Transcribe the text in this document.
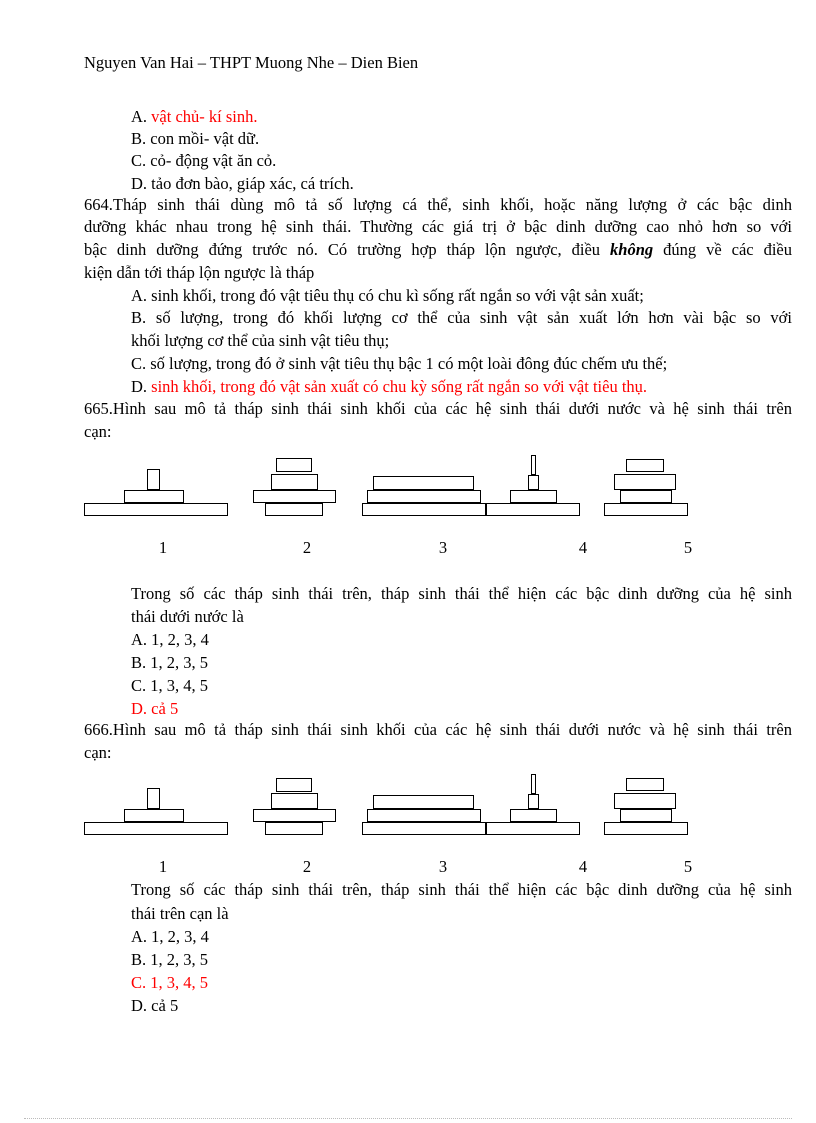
Nguyen Van Hai – THPT Muong Nhe – Dien Bien
A. vật chủ- kí sinh.
B. con mồi- vật dữ.
C. cỏ- động vật ăn cỏ.
D. tảo đơn bào, giáp xác, cá trích.
664.Tháp sinh thái dùng mô tả số lượng cá thể, sinh khối, hoặc năng lượng ở các bậc dinh
dưỡng khác nhau trong hệ sinh thái. Thường các giá trị ở bậc dinh dưỡng cao nhỏ hơn so với
bậc dinh dưỡng đứng trước nó. Có trường hợp tháp lộn ngược, điều không đúng về các điều
kiện dẫn tới tháp lộn ngược là tháp
A. sinh khối, trong đó vật tiêu thụ có chu kì sống rất ngắn so với vật sản xuất;
B. số lượng, trong đó khối lượng cơ thể của sinh vật sản xuất lớn hơn vài bậc so với
khối lượng cơ thể của sinh vật tiêu thụ;
C. số lượng, trong đó ở sinh vật tiêu thụ bậc 1 có một loài đông đúc chếm ưu thế;
D. sinh khối, trong đó vật sản xuất có chu kỳ sống rất ngắn so với vật tiêu thụ.
665.Hình sau mô tả tháp sinh thái sinh khối của các hệ sinh thái dưới nước và hệ sinh thái trên
cạn:
1	2	3	4	5
Trong số các tháp sinh thái trên, tháp sinh thái thể hiện các bậc dinh dưỡng của hệ sinh
thái dưới nước là
A. 1, 2, 3, 4
B. 1, 2, 3, 5
C. 1, 3, 4, 5
D. cả 5
666.Hình sau mô tả tháp sinh thái sinh khối của các hệ sinh thái dưới nước và hệ sinh thái trên
cạn:
1	2	3	4	5
Trong số các tháp sinh thái trên, tháp sinh thái thể hiện các bậc dinh dưỡng của hệ sinh
thái trên cạn là
A. 1, 2, 3, 4
B. 1, 2, 3, 5
C. 1, 3, 4, 5
D. cả 5
